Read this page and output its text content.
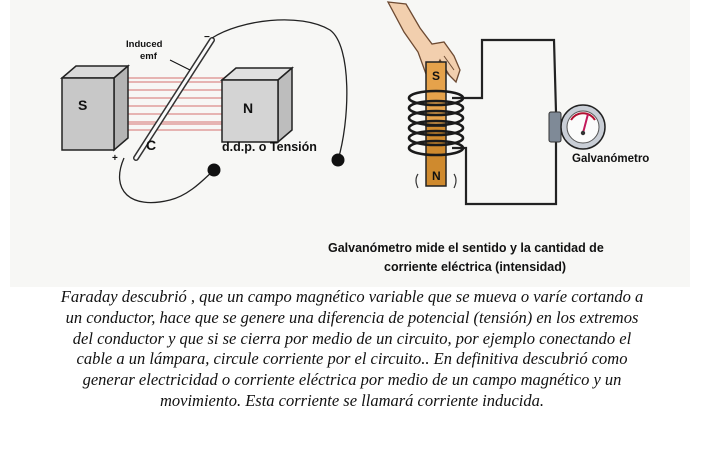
Induced
emf
S	N
C
+
−
d.d.p. o Tensión
S
N
Galvanómetro
Galvanómetro mide el sentido y la cantidad de
corriente eléctrica (intensidad)
Faraday descubrió , que un campo magnético variable que se mueva o varíe cortando a
un conductor, hace que se genere una diferencia de potencial (tensión) en los extremos
del conductor y que si se cierra por medio de un circuito, por ejemplo conectando el
cable a un lámpara, circule corriente por el circuito.. En definitiva descubrió como
generar electricidad o corriente eléctrica por medio de un campo magnético y un
movimiento. Esta corriente se llamará corriente inducida.
